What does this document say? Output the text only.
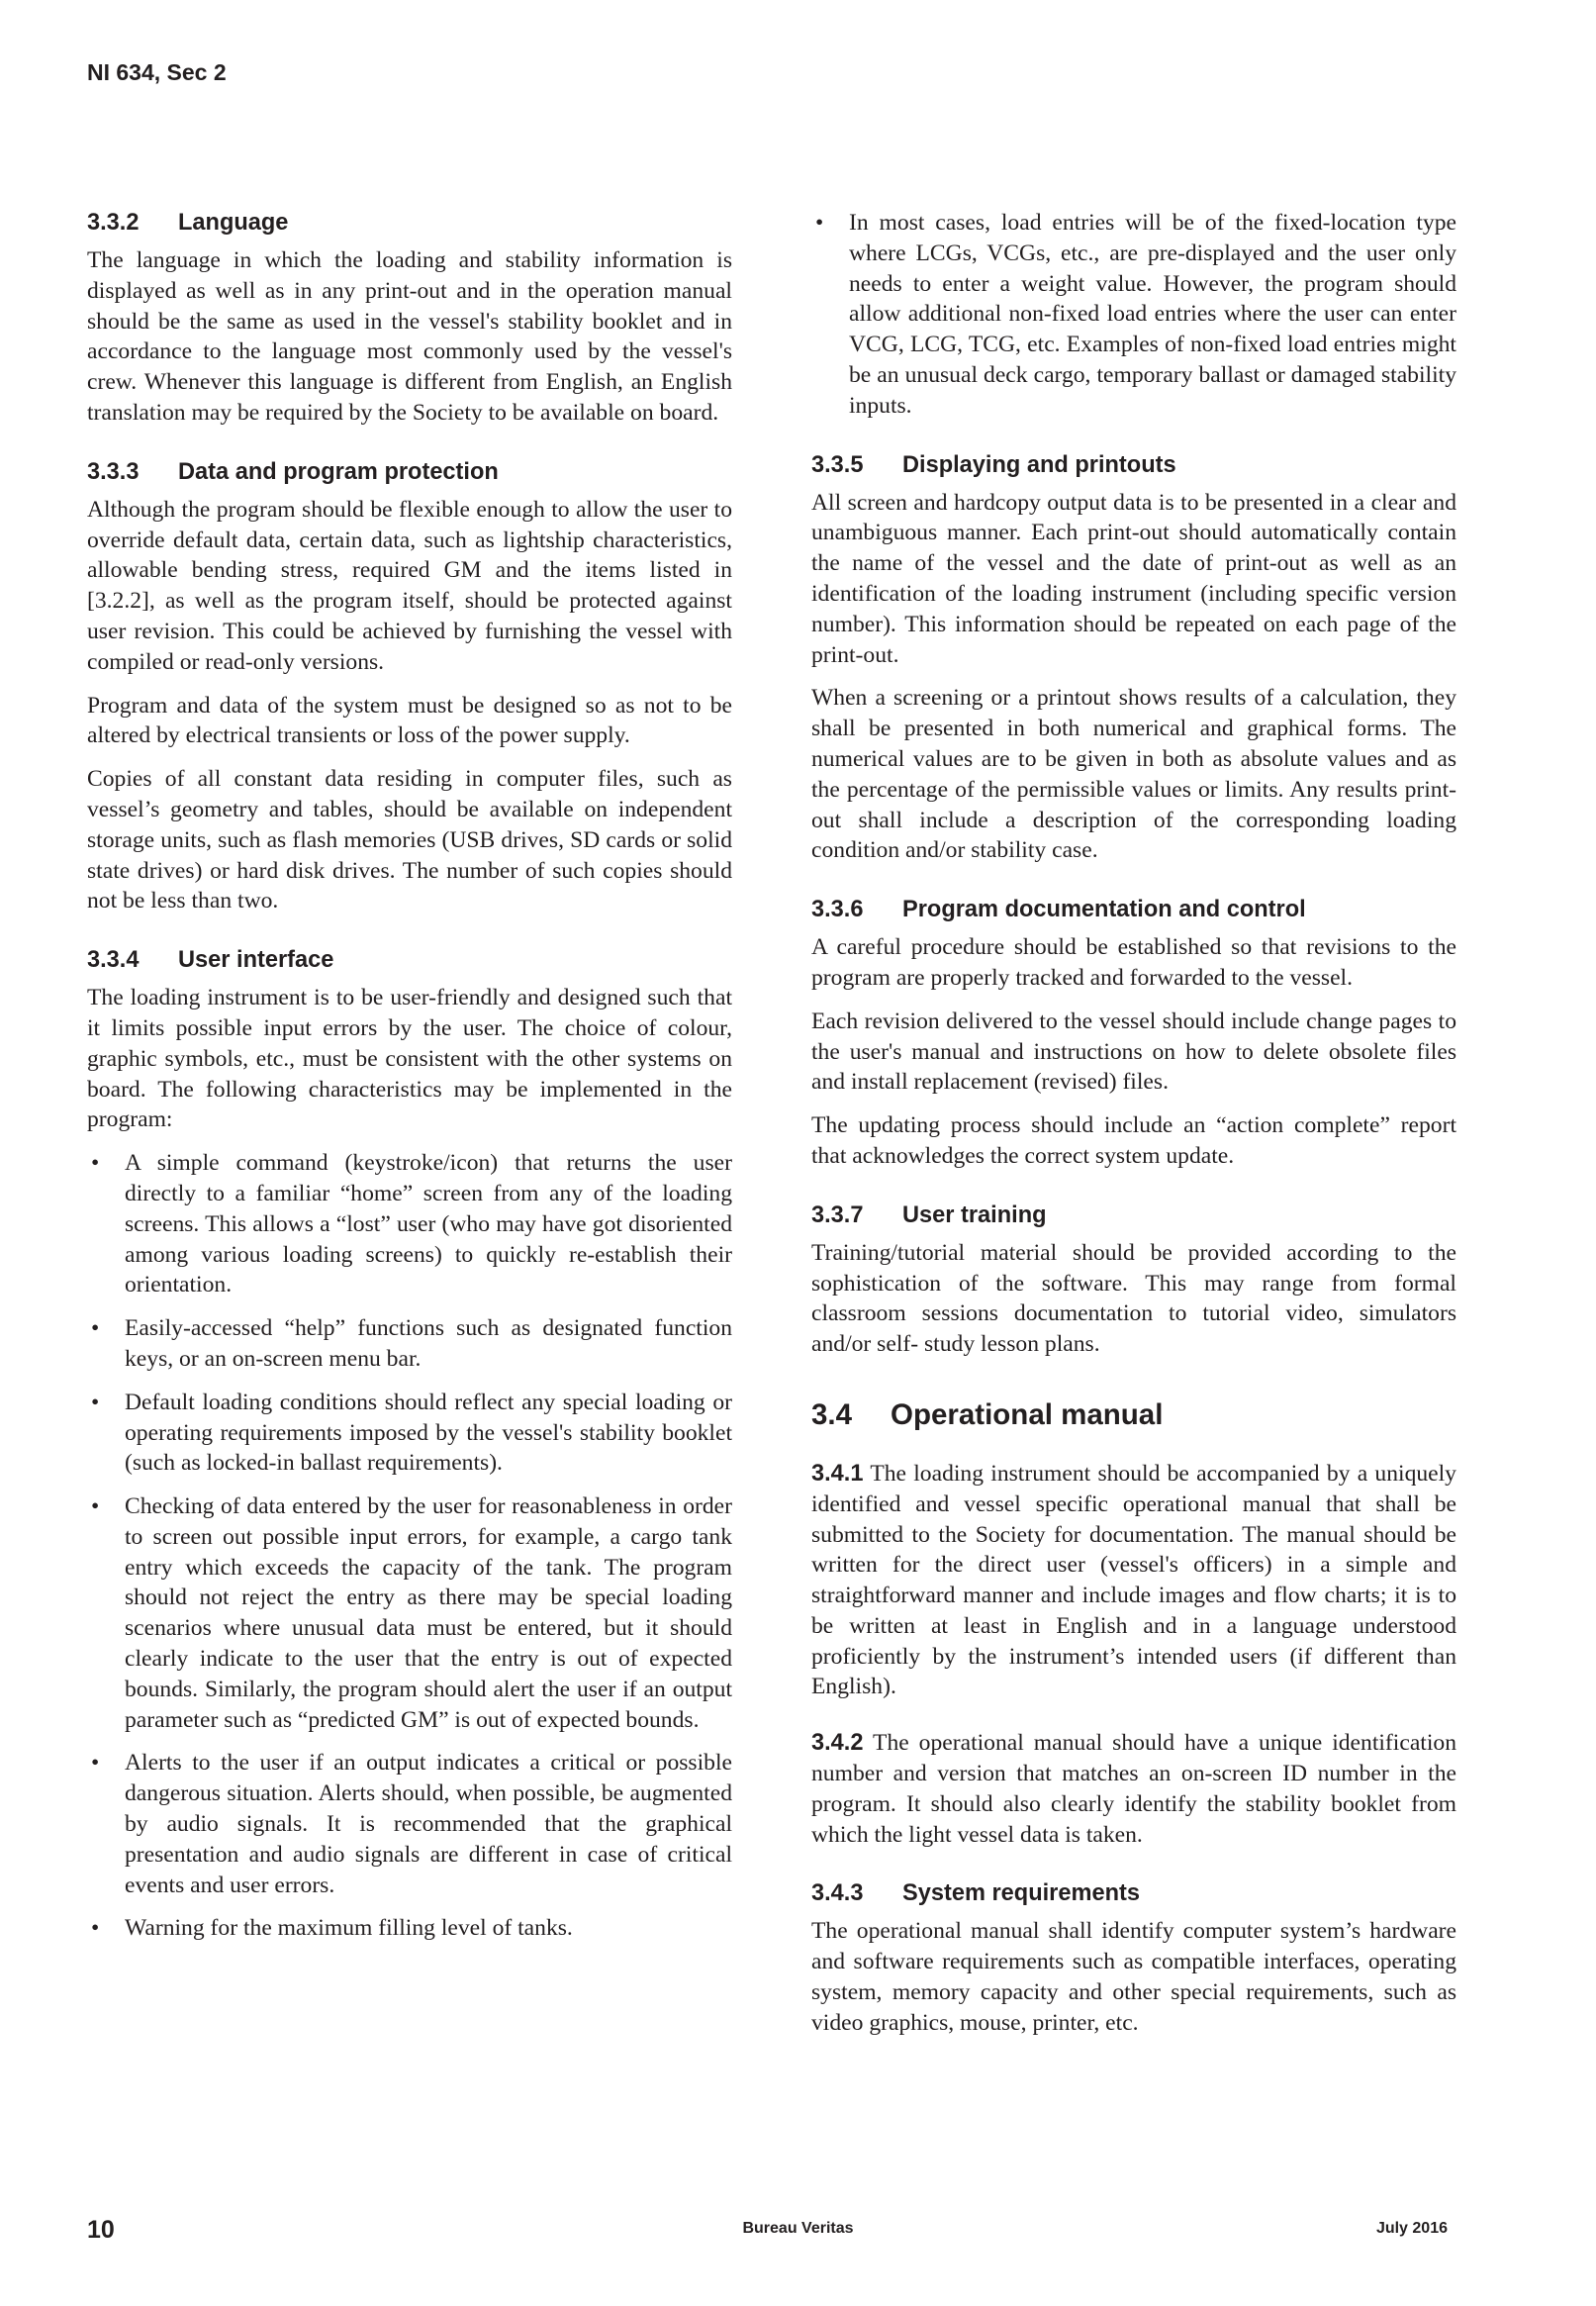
NI 634, Sec 2
3.3.2 Language

The language in which the loading and stability information is displayed as well as in any print-out and in the operation manual should be the same as used in the vessel's stability booklet and in accordance to the language most commonly used by the vessel's crew. Whenever this language is different from English, an English translation may be required by the Society to be available on board.

3.3.3 Data and program protection

Although the program should be flexible enough to allow the user to override default data, certain data, such as lightship characteristics, allowable bending stress, required GM and the items listed in [3.2.2], as well as the program itself, should be protected against user revision. This could be achieved by furnishing the vessel with compiled or read-only versions.

Program and data of the system must be designed so as not to be altered by electrical transients or loss of the power supply.

Copies of all constant data residing in computer files, such as vessel’s geometry and tables, should be available on independent storage units, such as flash memories (USB drives, SD cards or solid state drives) or hard disk drives. The number of such copies should not be less than two.

3.3.4 User interface

The loading instrument is to be user-friendly and designed such that it limits possible input errors by the user. The choice of colour, graphic symbols, etc., must be consistent with the other systems on board. The following characteristics may be implemented in the program:

• A simple command (keystroke/icon) that returns the user directly to a familiar “home” screen from any of the loading screens. This allows a “lost” user (who may have got disoriented among various loading screens) to quickly re-establish their orientation.
• Easily-accessed “help” functions such as designated function keys, or an on-screen menu bar.
• Default loading conditions should reflect any special loading or operating requirements imposed by the vessel's stability booklet (such as locked-in ballast requirements).
• Checking of data entered by the user for reasonableness in order to screen out possible input errors, for example, a cargo tank entry which exceeds the capacity of the tank. The program should not reject the entry as there may be special loading scenarios where unusual data must be entered, but it should clearly indicate to the user that the entry is out of expected bounds. Similarly, the program should alert the user if an output parameter such as “predicted GM” is out of expected bounds.
• Alerts to the user if an output indicates a critical or possible dangerous situation. Alerts should, when possible, be augmented by audio signals. It is recommended that the graphical presentation and audio signals are different in case of critical events and user errors.
• Warning for the maximum filling level of tanks.
• In most cases, load entries will be of the fixed-location type where LCGs, VCGs, etc., are pre-displayed and the user only needs to enter a weight value. However, the program should allow additional non-fixed load entries where the user can enter VCG, LCG, TCG, etc. Examples of non-fixed load entries might be an unusual deck cargo, temporary ballast or damaged stability inputs.
3.3.5 Displaying and printouts

All screen and hardcopy output data is to be presented in a clear and unambiguous manner. Each print-out should automatically contain the name of the vessel and the date of print-out as well as an identification of the loading instrument (including specific version number). This information should be repeated on each page of the print-out.

When a screening or a printout shows results of a calculation, they shall be presented in both numerical and graphical forms. The numerical values are to be given in both as absolute values and as the percentage of the permissible values or limits. Any results print-out shall include a description of the corresponding loading condition and/or stability case.

3.3.6 Program documentation and control

A careful procedure should be established so that revisions to the program are properly tracked and forwarded to the vessel.

Each revision delivered to the vessel should include change pages to the user's manual and instructions on how to delete obsolete files and install replacement (revised) files.

The updating process should include an “action complete” report that acknowledges the correct system update.

3.3.7 User training

Training/tutorial material should be provided according to the sophistication of the software. This may range from formal classroom sessions documentation to tutorial video, simulators and/or self- study lesson plans.

3.4 Operational manual

3.4.1 The loading instrument should be accompanied by a uniquely identified and vessel specific operational manual that shall be submitted to the Society for documentation. The manual should be written for the direct user (vessel's officers) in a simple and straightforward manner and include images and flow charts; it is to be written at least in English and in a language understood proficiently by the instrument’s intended users (if different than English).

3.4.2 The operational manual should have a unique identification number and version that matches an on-screen ID number in the program. It should also clearly identify the stability booklet from which the light vessel data is taken.

3.4.3 System requirements

The operational manual shall identify computer system’s hardware and software requirements such as compatible interfaces, operating system, memory capacity and other special requirements, such as video graphics, mouse, printer, etc.

10	Bureau Veritas	July 2016
